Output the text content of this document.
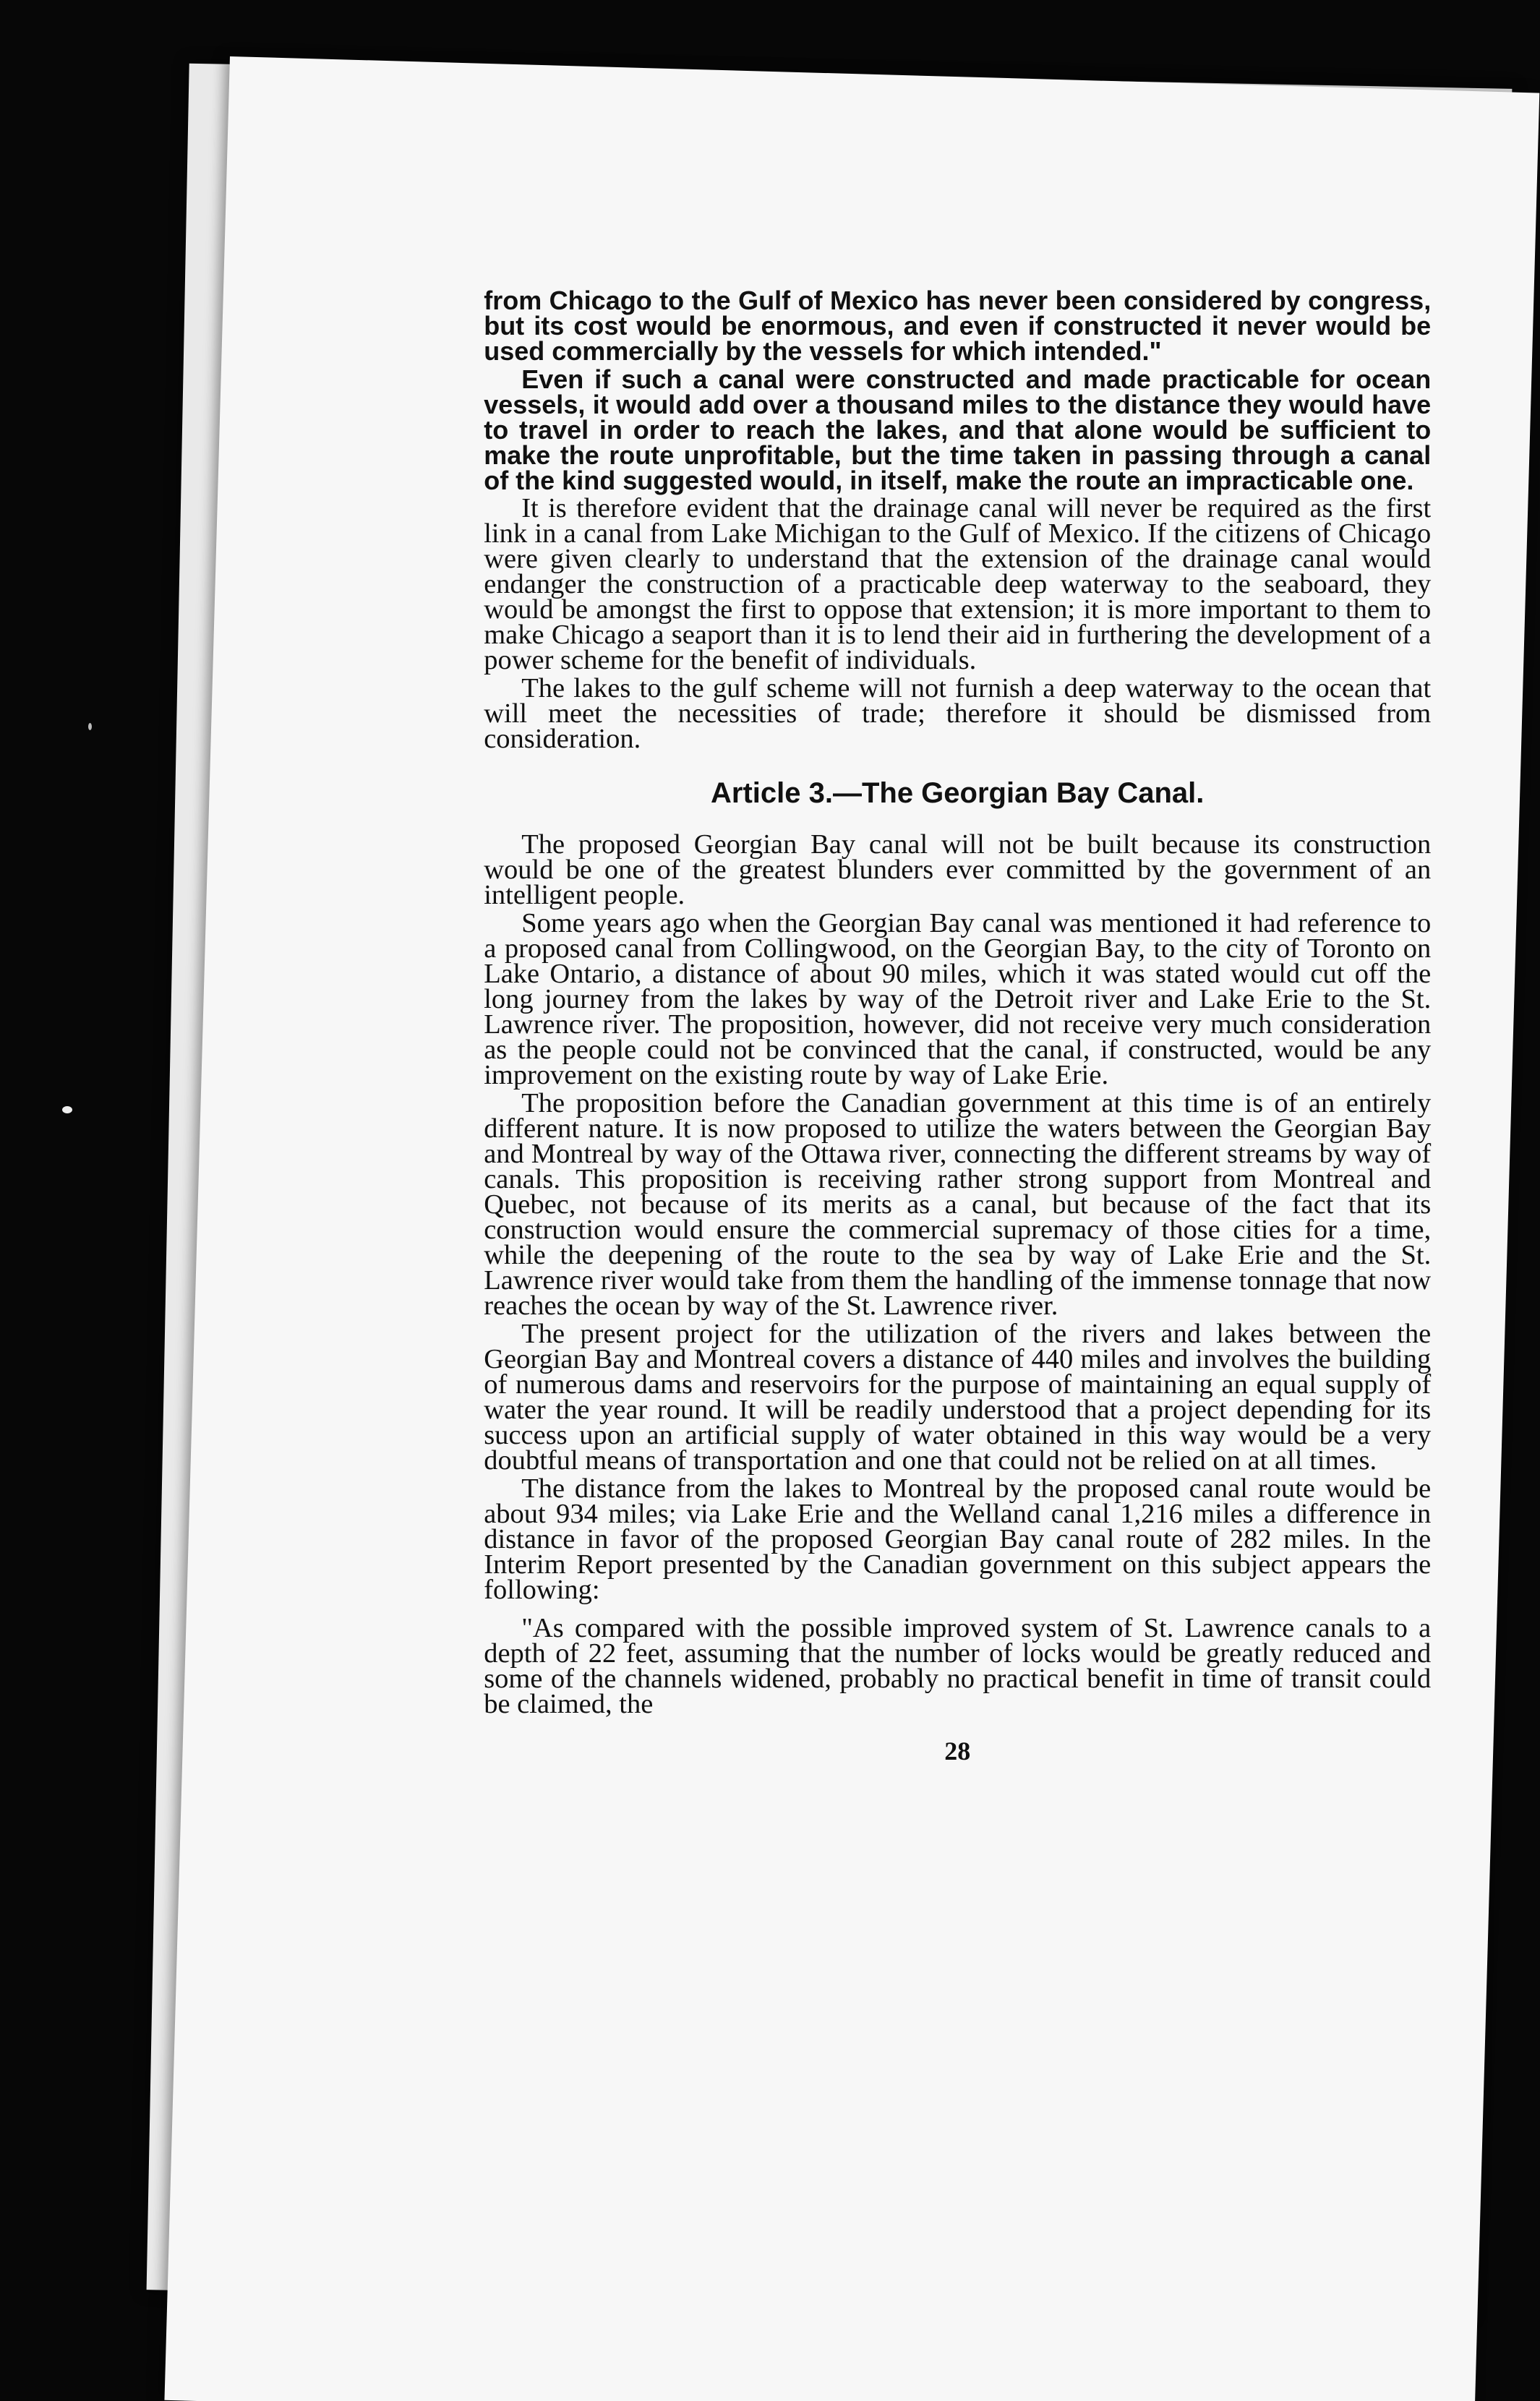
from Chicago to the Gulf of Mexico has never been considered by congress, but its cost would be enormous, and even if constructed it never would be used commercially by the vessels for which intended."

Even if such a canal were constructed and made practicable for ocean vessels, it would add over a thousand miles to the distance they would have to travel in order to reach the lakes, and that alone would be sufficient to make the route unprofitable, but the time taken in passing through a canal of the kind suggested would, in itself, make the route an impracticable one.

It is therefore evident that the drainage canal will never be required as the first link in a canal from Lake Michigan to the Gulf of Mexico. If the citizens of Chicago were given clearly to understand that the extension of the drainage canal would endanger the construction of a practicable deep waterway to the seaboard, they would be amongst the first to oppose that extension; it is more important to them to make Chicago a seaport than it is to lend their aid in furthering the development of a power scheme for the benefit of individuals.

The lakes to the gulf scheme will not furnish a deep waterway to the ocean that will meet the necessities of trade; therefore it should be dismissed from consideration.

Article 3.—The Georgian Bay Canal.

The proposed Georgian Bay canal will not be built because its construction would be one of the greatest blunders ever committed by the government of an intelligent people.

Some years ago when the Georgian Bay canal was mentioned it had reference to a proposed canal from Collingwood, on the Georgian Bay, to the city of Toronto on Lake Ontario, a distance of about 90 miles, which it was stated would cut off the long journey from the lakes by way of the Detroit river and Lake Erie to the St. Lawrence river. The proposition, however, did not receive very much consideration as the people could not be convinced that the canal, if constructed, would be any improvement on the existing route by way of Lake Erie.

The proposition before the Canadian government at this time is of an entirely different nature. It is now proposed to utilize the waters between the Georgian Bay and Montreal by way of the Ottawa river, connecting the different streams by way of canals. This proposition is receiving rather strong support from Montreal and Quebec, not because of its merits as a canal, but because of the fact that its construction would ensure the commercial supremacy of those cities for a time, while the deepening of the route to the sea by way of Lake Erie and the St. Lawrence river would take from them the handling of the immense tonnage that now reaches the ocean by way of the St. Lawrence river.

The present project for the utilization of the rivers and lakes between the Georgian Bay and Montreal covers a distance of 440 miles and involves the building of numerous dams and reservoirs for the purpose of maintaining an equal supply of water the year round. It will be readily understood that a project depending for its success upon an artificial supply of water obtained in this way would be a very doubtful means of transportation and one that could not be relied on at all times.

The distance from the lakes to Montreal by the proposed canal route would be about 934 miles; via Lake Erie and the Welland canal 1,216 miles a difference in distance in favor of the proposed Georgian Bay canal route of 282 miles. In the Interim Report presented by the Canadian government on this subject appears the following:

"As compared with the possible improved system of St. Lawrence canals to a depth of 22 feet, assuming that the number of locks would be greatly reduced and some of the channels widened, probably no practical benefit in time of transit could be claimed, the

28
